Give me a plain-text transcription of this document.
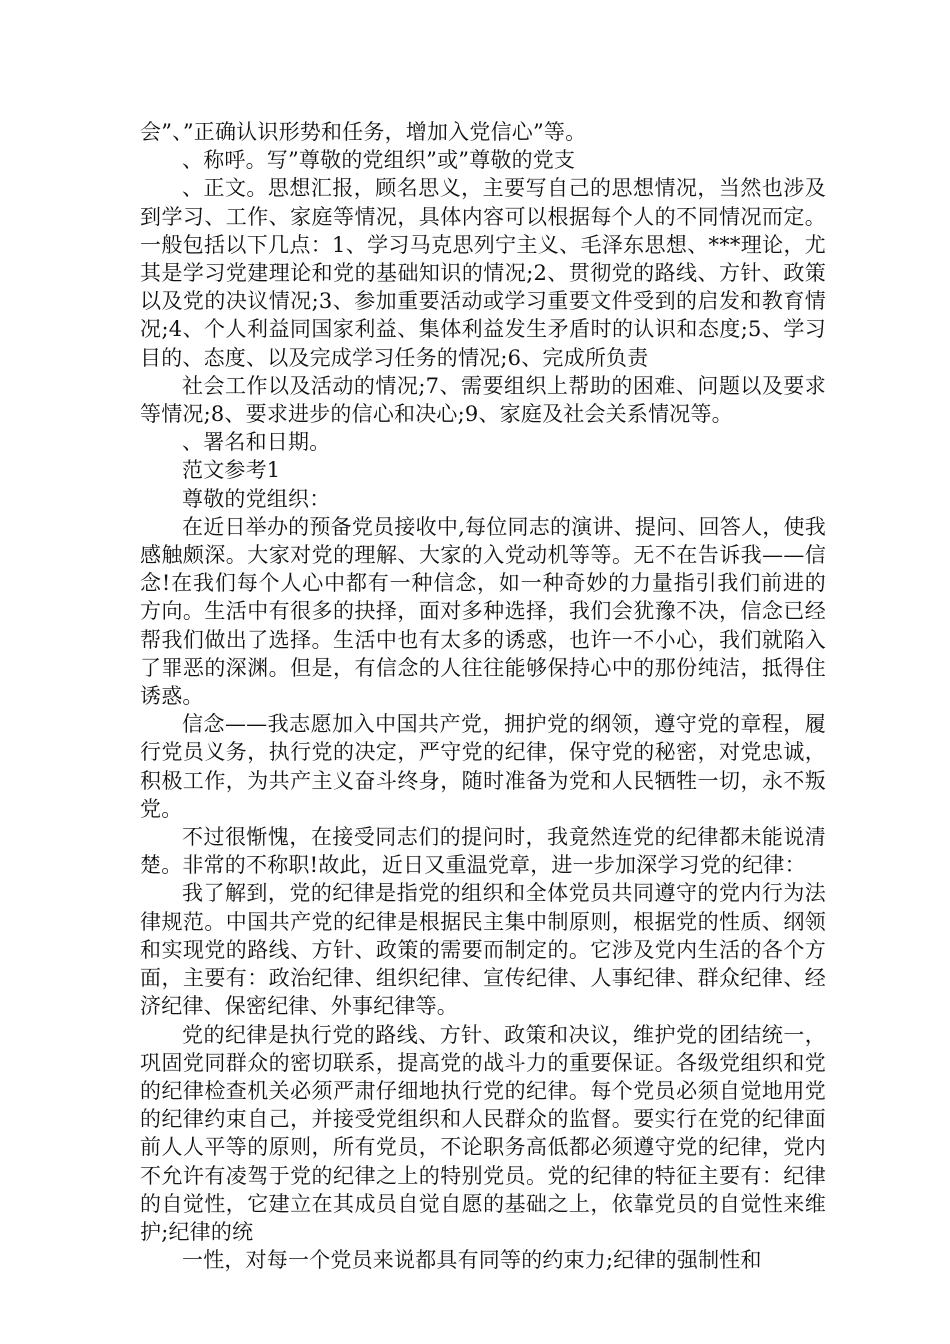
会”、”正确认识形势和任务，增加入党信心”等。

、称呼。写”尊敬的党组织”或”尊敬的党支

、正文。思想汇报，顾名思义，主要写自己的思想情况，当然也涉及到学习、工作、家庭等情况，具体内容可以根据每个人的不同情况而定。一般包括以下几点：1、学习马克思列宁主义、毛泽东思想、***理论，尤其是学习党建理论和党的基础知识的情况;2、贯彻党的路线、方针、政策以及党的决议情况;3、参加重要活动或学习重要文件受到的启发和教育情况;4、个人利益同国家利益、集体利益发生矛盾时的认识和态度;5、学习目的、态度、以及完成学习任务的情况;6、完成所负责

社会工作以及活动的情况;7、需要组织上帮助的困难、问题以及要求等情况;8、要求进步的信心和决心;9、家庭及社会关系情况等。

、署名和日期。

范文参考1

尊敬的党组织：

在近日举办的预备党员接收中,每位同志的演讲、提问、回答人，使我感触颇深。大家对党的理解、大家的入党动机等等。无不在告诉我——信念!在我们每个人心中都有一种信念，如一种奇妙的力量指引我们前进的方向。生活中有很多的抉择，面对多种选择，我们会犹豫不决，信念已经帮我们做出了选择。生活中也有太多的诱惑，也许一不小心，我们就陷入了罪恶的深渊。但是，有信念的人往往能够保持心中的那份纯洁，抵得住诱惑。

信念——我志愿加入中国共产党，拥护党的纲领，遵守党的章程，履行党员义务，执行党的决定，严守党的纪律，保守党的秘密，对党忠诚，积极工作，为共产主义奋斗终身，随时准备为党和人民牺牲一切，永不叛党。

不过很惭愧，在接受同志们的提问时，我竟然连党的纪律都未能说清楚。非常的不称职!故此，近日又重温党章，进一步加深学习党的纪律：

我了解到，党的纪律是指党的组织和全体党员共同遵守的党内行为法律规范。中国共产党的纪律是根据民主集中制原则，根据党的性质、纲领和实现党的路线、方针、政策的需要而制定的。它涉及党内生活的各个方面，主要有：政治纪律、组织纪律、宣传纪律、人事纪律、群众纪律、经济纪律、保密纪律、外事纪律等。

党的纪律是执行党的路线、方针、政策和决议，维护党的团结统一，巩固党同群众的密切联系，提高党的战斗力的重要保证。各级党组织和党的纪律检查机关必须严肃仔细地执行党的纪律。每个党员必须自觉地用党的纪律约束自己，并接受党组织和人民群众的监督。要实行在党的纪律面前人人平等的原则，所有党员，不论职务高低都必须遵守党的纪律，党内不允许有凌驾于党的纪律之上的特别党员。党的纪律的特征主要有：纪律的自觉性，它建立在其成员自觉自愿的基础之上，依靠党员的自觉性来维护;纪律的统

一性，对每一个党员来说都具有同等的约束力;纪律的强制性和
